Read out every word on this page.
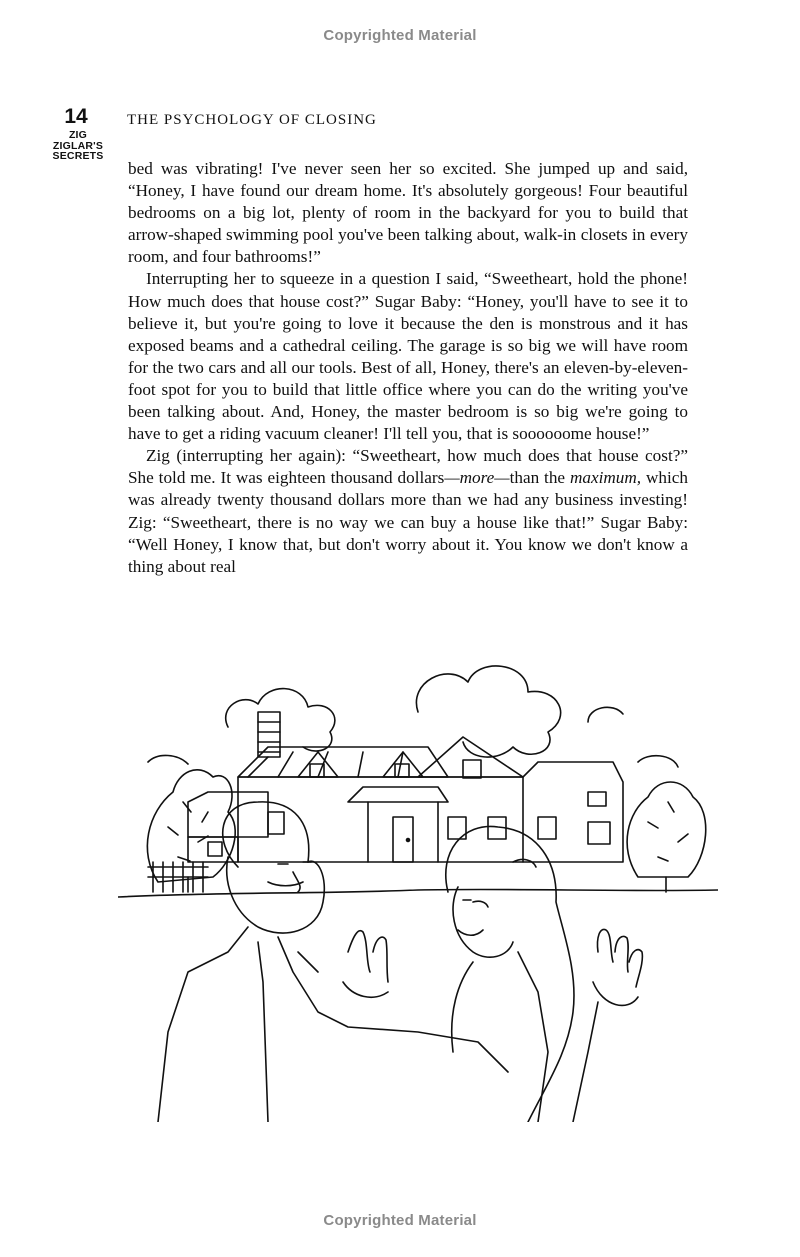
Copyrighted Material
14
ZIG
ZIGLAR'S
SECRETS
THE PSYCHOLOGY OF CLOSING

bed was vibrating! I've never seen her so excited. She jumped up and said, “Honey, I have found our dream home. It's absolutely gorgeous! Four beautiful bedrooms on a big lot, plenty of room in the backyard for you to build that arrow-shaped swimming pool you've been talking about, walk-in closets in every room, and four bathrooms!”

Interrupting her to squeeze in a question I said, “Sweetheart, hold the phone! How much does that house cost?” Sugar Baby: “Honey, you'll have to see it to believe it, but you're going to love it because the den is monstrous and it has exposed beams and a cathedral ceiling. The garage is so big we will have room for the two cars and all our tools. Best of all, Honey, there's an eleven-by-eleven-foot spot for you to build that little office where you can do the writing you've been talking about. And, Honey, the master bedroom is so big we're going to have to get a riding vacuum cleaner! I'll tell you, that is soooooome house!”

Zig (interrupting her again): “Sweetheart, how much does that house cost?” She told me. It was eighteen thousand dollars—more—than the maximum, which was already twenty thousand dollars more than we had any business investing! Zig: “Sweetheart, there is no way we can buy a house like that!” Sugar Baby: “Well Honey, I know that, but don't worry about it. You know we don't know a thing about real

Copyrighted Material
